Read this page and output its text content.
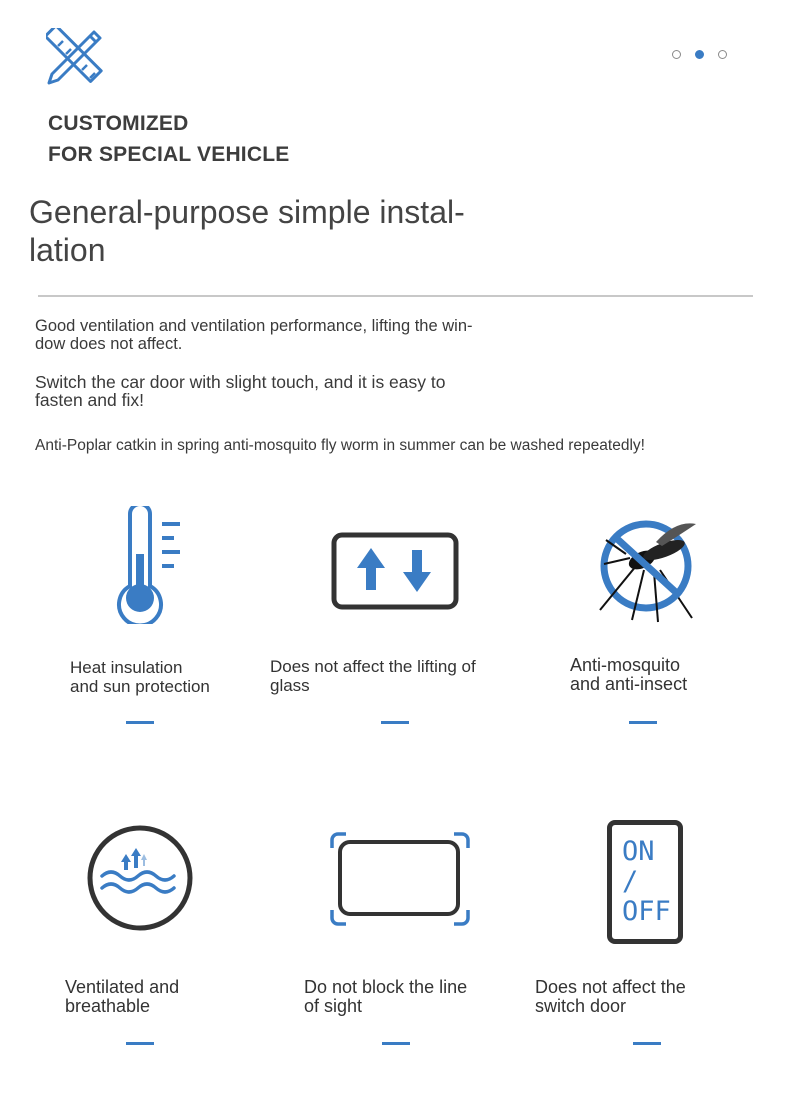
CUSTOMIZED
FOR SPECIAL VEHICLE
General-purpose simple instal-
lation
Good ventilation and ventilation performance, lifting the win-
dow does not affect.
Switch the car door with slight touch, and it is easy to
fasten and fix!
Anti-Poplar catkin in spring anti-mosquito fly worm in summer can be washed repeatedly!
Heat insulation
and sun protection
Does not affect the lifting of
glass
Anti-mosquito
and anti-insect
Ventilated and
breathable
Do not block the line
of sight
ON
/
OFF
Does not affect the
switch door
